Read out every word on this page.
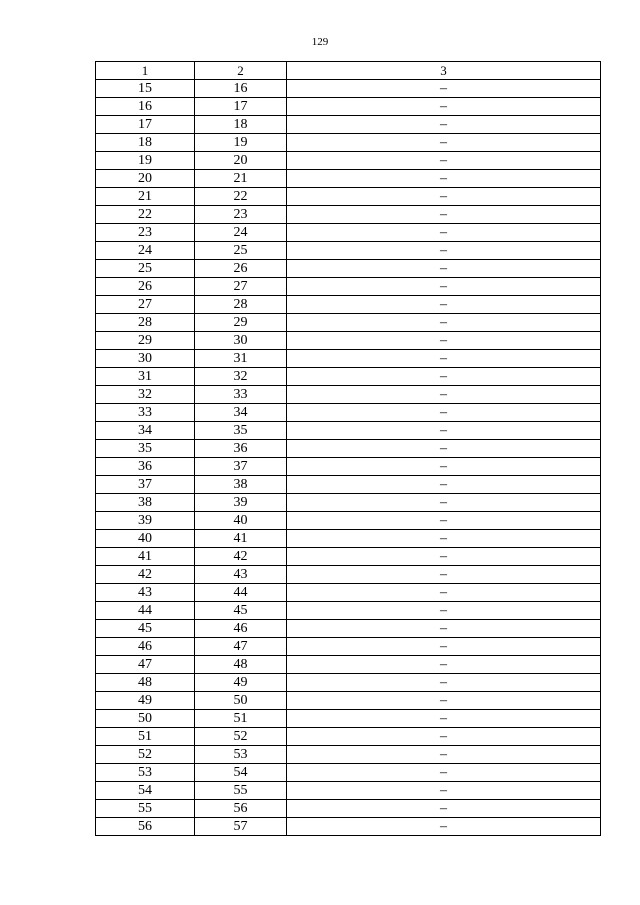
129
1	2	3
15	16	–
16	17	–
17	18	–
18	19	–
19	20	–
20	21	–
21	22	–
22	23	–
23	24	–
24	25	–
25	26	–
26	27	–
27	28	–
28	29	–
29	30	–
30	31	–
31	32	–
32	33	–
33	34	–
34	35	–
35	36	–
36	37	–
37	38	–
38	39	–
39	40	–
40	41	–
41	42	–
42	43	–
43	44	–
44	45	–
45	46	–
46	47	–
47	48	–
48	49	–
49	50	–
50	51	–
51	52	–
52	53	–
53	54	–
54	55	–
55	56	–
56	57	–
